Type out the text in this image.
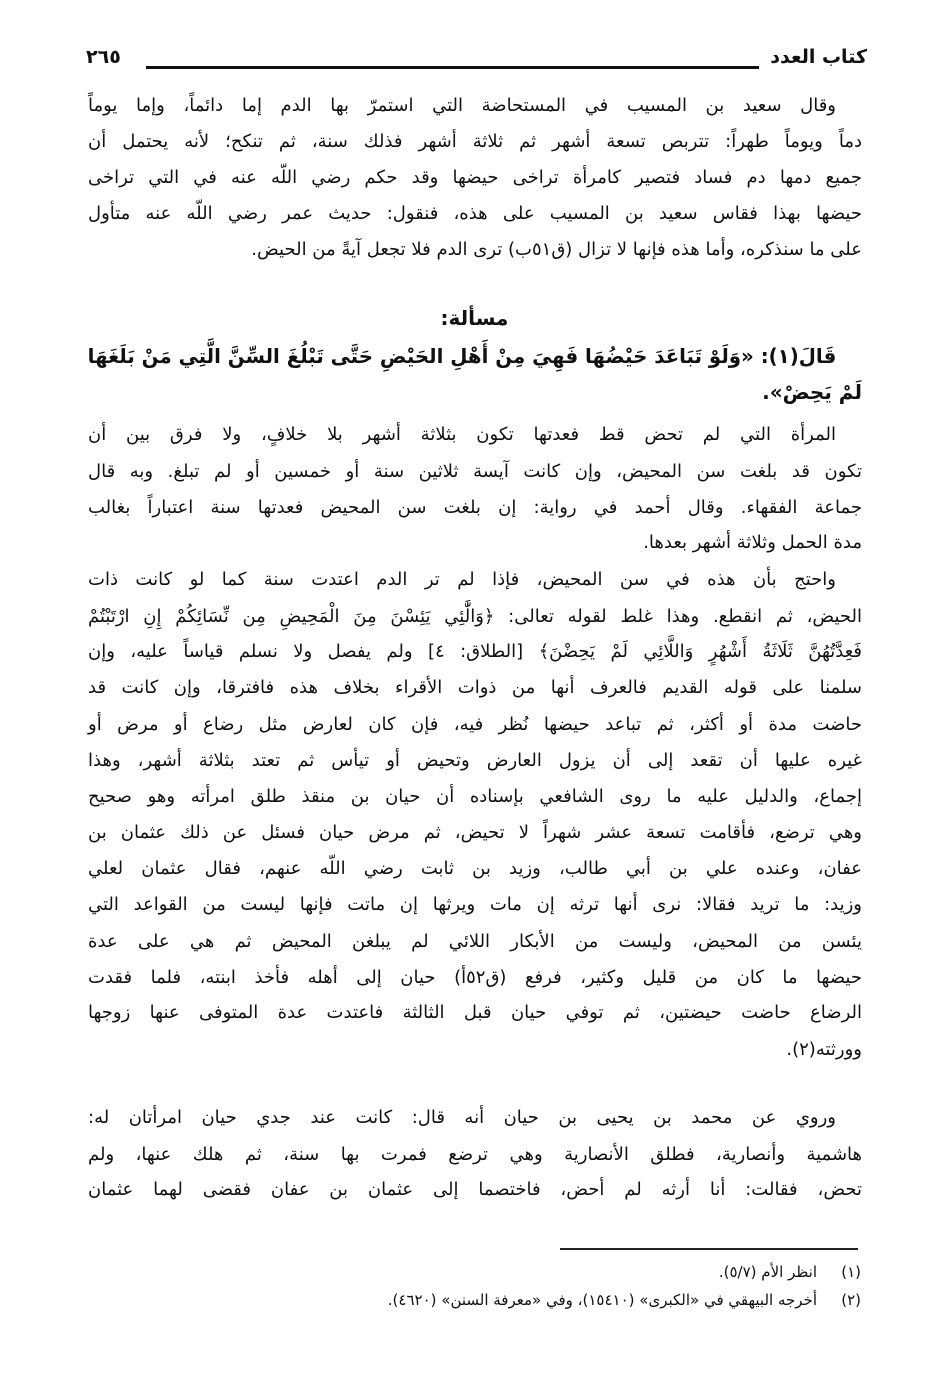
كتاب العدد
٢٦٥
مسألة:
وقال سعيد بن المسيب في المستحاضة التي استمرّ بها الدم إما دائماً، وإما يوماً
دماً ويوماً طهراً: تتربص تسعة أشهر ثم ثلاثة أشهر فذلك سنة، ثم تنكح؛ لأنه يحتمل أن
جميع دمها دم فساد فتصير كامرأة تراخى حيضها وقد حكم رضي اللّه عنه في التي تراخى
حيضها بهذا فقاس سعيد بن المسيب على هذه، فنقول: حديث عمر رضي اللّه عنه متأول
على ما سنذكره، وأما هذه فإنها لا تزال (ق٥١ب) ترى الدم فلا تجعل آيةً من الحيض.
قَالَ(١): «وَلَوْ تَبَاعَدَ حَيْضُهَا فَهِيَ مِنْ أَهْلِ الحَيْضِ حَتَّى تَبْلُغَ السِّنَّ الَّتِي مَنْ بَلَغَهَا
لَمْ يَحِضْ».
المرأة التي لم تحض قط فعدتها تكون بثلاثة أشهر بلا خلافٍ، ولا فرق بين أن
تكون قد بلغت سن المحيض، وإن كانت آيسة ثلاثين سنة أو خمسين أو لم تبلغ. وبه قال
جماعة الفقهاء. وقال أحمد في رواية: إن بلغت سن المحيض فعدتها سنة اعتباراً بغالب
مدة الحمل وثلاثة أشهر بعدها.
واحتج بأن هذه في سن المحيض، فإذا لم تر الدم اعتدت سنة كما لو كانت ذات
الحيض، ثم انقطع. وهذا غلط لقوله تعالى: ﴿وَالَّٰئِي يَئِسْنَ مِنَ الْمَحِيضِ مِن نِّسَائِكُمْ إِنِ ارْتَبْتُمْ
فَعِدَّتُهُنَّ ثَلَاثَةُ أَشْهُرٍ وَاللَّائِي لَمْ يَحِضْنَ﴾ [الطلاق: ٤] ولم يفصل ولا نسلم قياساً عليه، وإن
سلمنا على قوله القديم فالعرف أنها من ذوات الأقراء بخلاف هذه فافترقا، وإن كانت قد
حاضت مدة أو أكثر، ثم تباعد حيضها نُظر فيه، فإن كان لعارض مثل رضاع أو مرض أو
غيره عليها أن تقعد إلى أن يزول العارض وتحيض أو تيأس ثم تعتد بثلاثة أشهر، وهذا
إجماع، والدليل عليه ما روى الشافعي بإسناده أن حيان بن منقذ طلق امرأته وهو صحيح
وهي ترضع، فأقامت تسعة عشر شهراً لا تحيض، ثم مرض حيان فسئل عن ذلك عثمان بن
عفان، وعنده علي بن أبي طالب، وزيد بن ثابت رضي اللّه عنهم، فقال عثمان لعلي
وزيد: ما تريد فقالا: نرى أنها ترثه إن مات ويرثها إن ماتت فإنها ليست من القواعد التي
يئسن من المحيض، وليست من الأبكار اللائي لم يبلغن المحيض ثم هي على عدة
حيضها ما كان من قليل وكثير، فرفع (ق٥٢أ) حيان إلى أهله فأخذ ابنته، فلما فقدت
الرضاع حاضت حيضتين، ثم توفي حيان قبل الثالثة فاعتدت عدة المتوفى عنها زوجها
وورثته(٢).
وروي عن محمد بن يحيى بن حيان أنه قال: كانت عند جدي حيان امرأتان له:
هاشمية وأنصارية، فطلق الأنصارية وهي ترضع فمرت بها سنة، ثم هلك عنها، ولم
تحض، فقالت: أنا أرثه لم أحض، فاختصما إلى عثمان بن عفان فقضى لهما عثمان
(١)انظر الأم (٥/٧).
(٢)أخرجه البيهقي في «الكبرى» (١٥٤١٠)، وفي «معرفة السنن» (٤٦٢٠).
